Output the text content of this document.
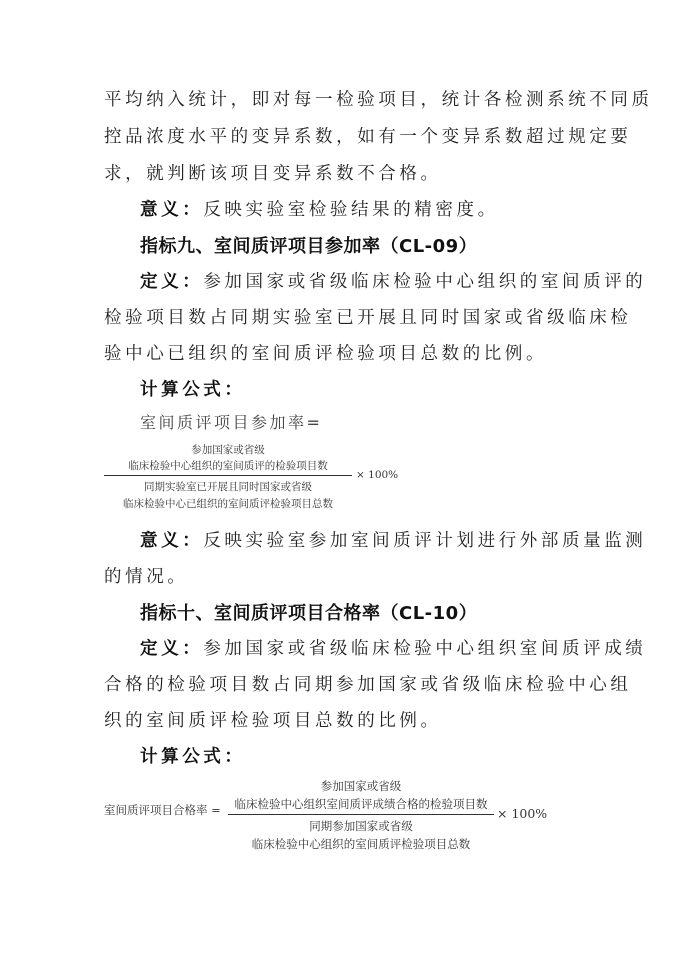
平均纳入统计，即对每一检验项目，统计各检测系统不同质
控品浓度水平的变异系数，如有一个变异系数超过规定要
求，就判断该项目变异系数不合格。
意义：反映实验室检验结果的精密度。
指标九、室间质评项目参加率（CL-09）
定义：参加国家或省级临床检验中心组织的室间质评的
检验项目数占同期实验室已开展且同时国家或省级临床检
验中心已组织的室间质评检验项目总数的比例。
计算公式：
室间质评项目参加率=
参加国家或省级
临床检验中心组织的室间质评的检验项目数
× 100%
同期实验室已开展且同时国家或省级
临床检验中心已组织的室间质评检验项目总数
意义：反映实验室参加室间质评计划进行外部质量监测
的情况。
指标十、室间质评项目合格率（CL-10）
定义：参加国家或省级临床检验中心组织室间质评成绩
合格的检验项目数占同期参加国家或省级临床检验中心组
织的室间质评检验项目总数的比例。
计算公式：
室间质评项目合格率 =
参加国家或省级
临床检验中心组织室间质评成绩合格的检验项目数
× 100%
同期参加国家或省级
临床检验中心组织的室间质评检验项目总数
